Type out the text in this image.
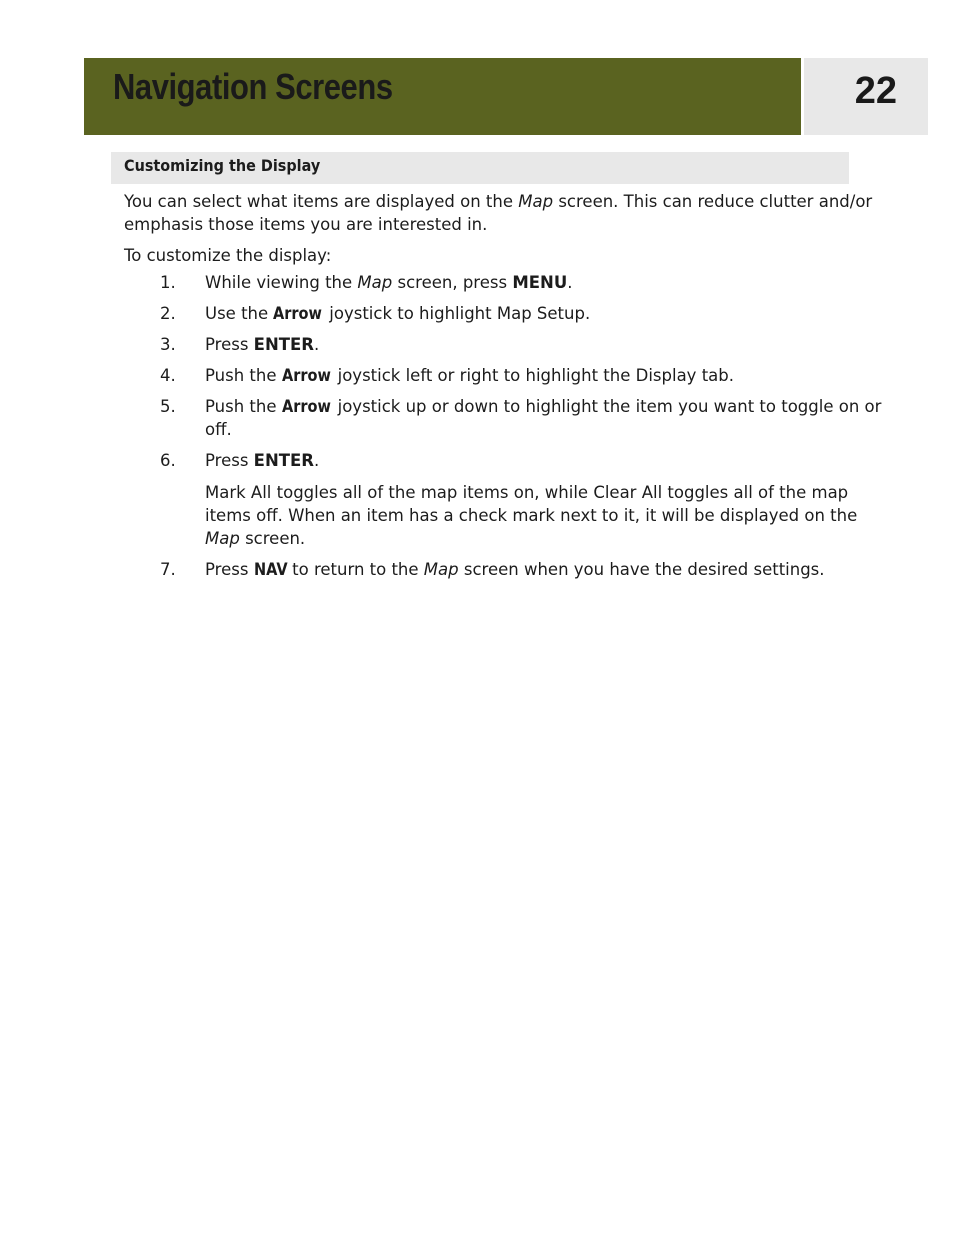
Navigation Screens	22
Customizing the Display

You can select what items are displayed on the Map screen. This can reduce clutter and/or emphasis those items you are interested in.

To customize the display:

1. While viewing the Map screen, press MENU.
2. Use the Arrow joystick to highlight Map Setup.
3. Press ENTER.
4. Push the Arrow joystick left or right to highlight the Display tab.
5. Push the Arrow joystick up or down to highlight the item you want to toggle on or off.
6. Press ENTER.

Mark All toggles all of the map items on, while Clear All toggles all of the map items off. When an item has a check mark next to it, it will be displayed on the Map screen.

7. Press NAV to return to the Map screen when you have the desired settings.
